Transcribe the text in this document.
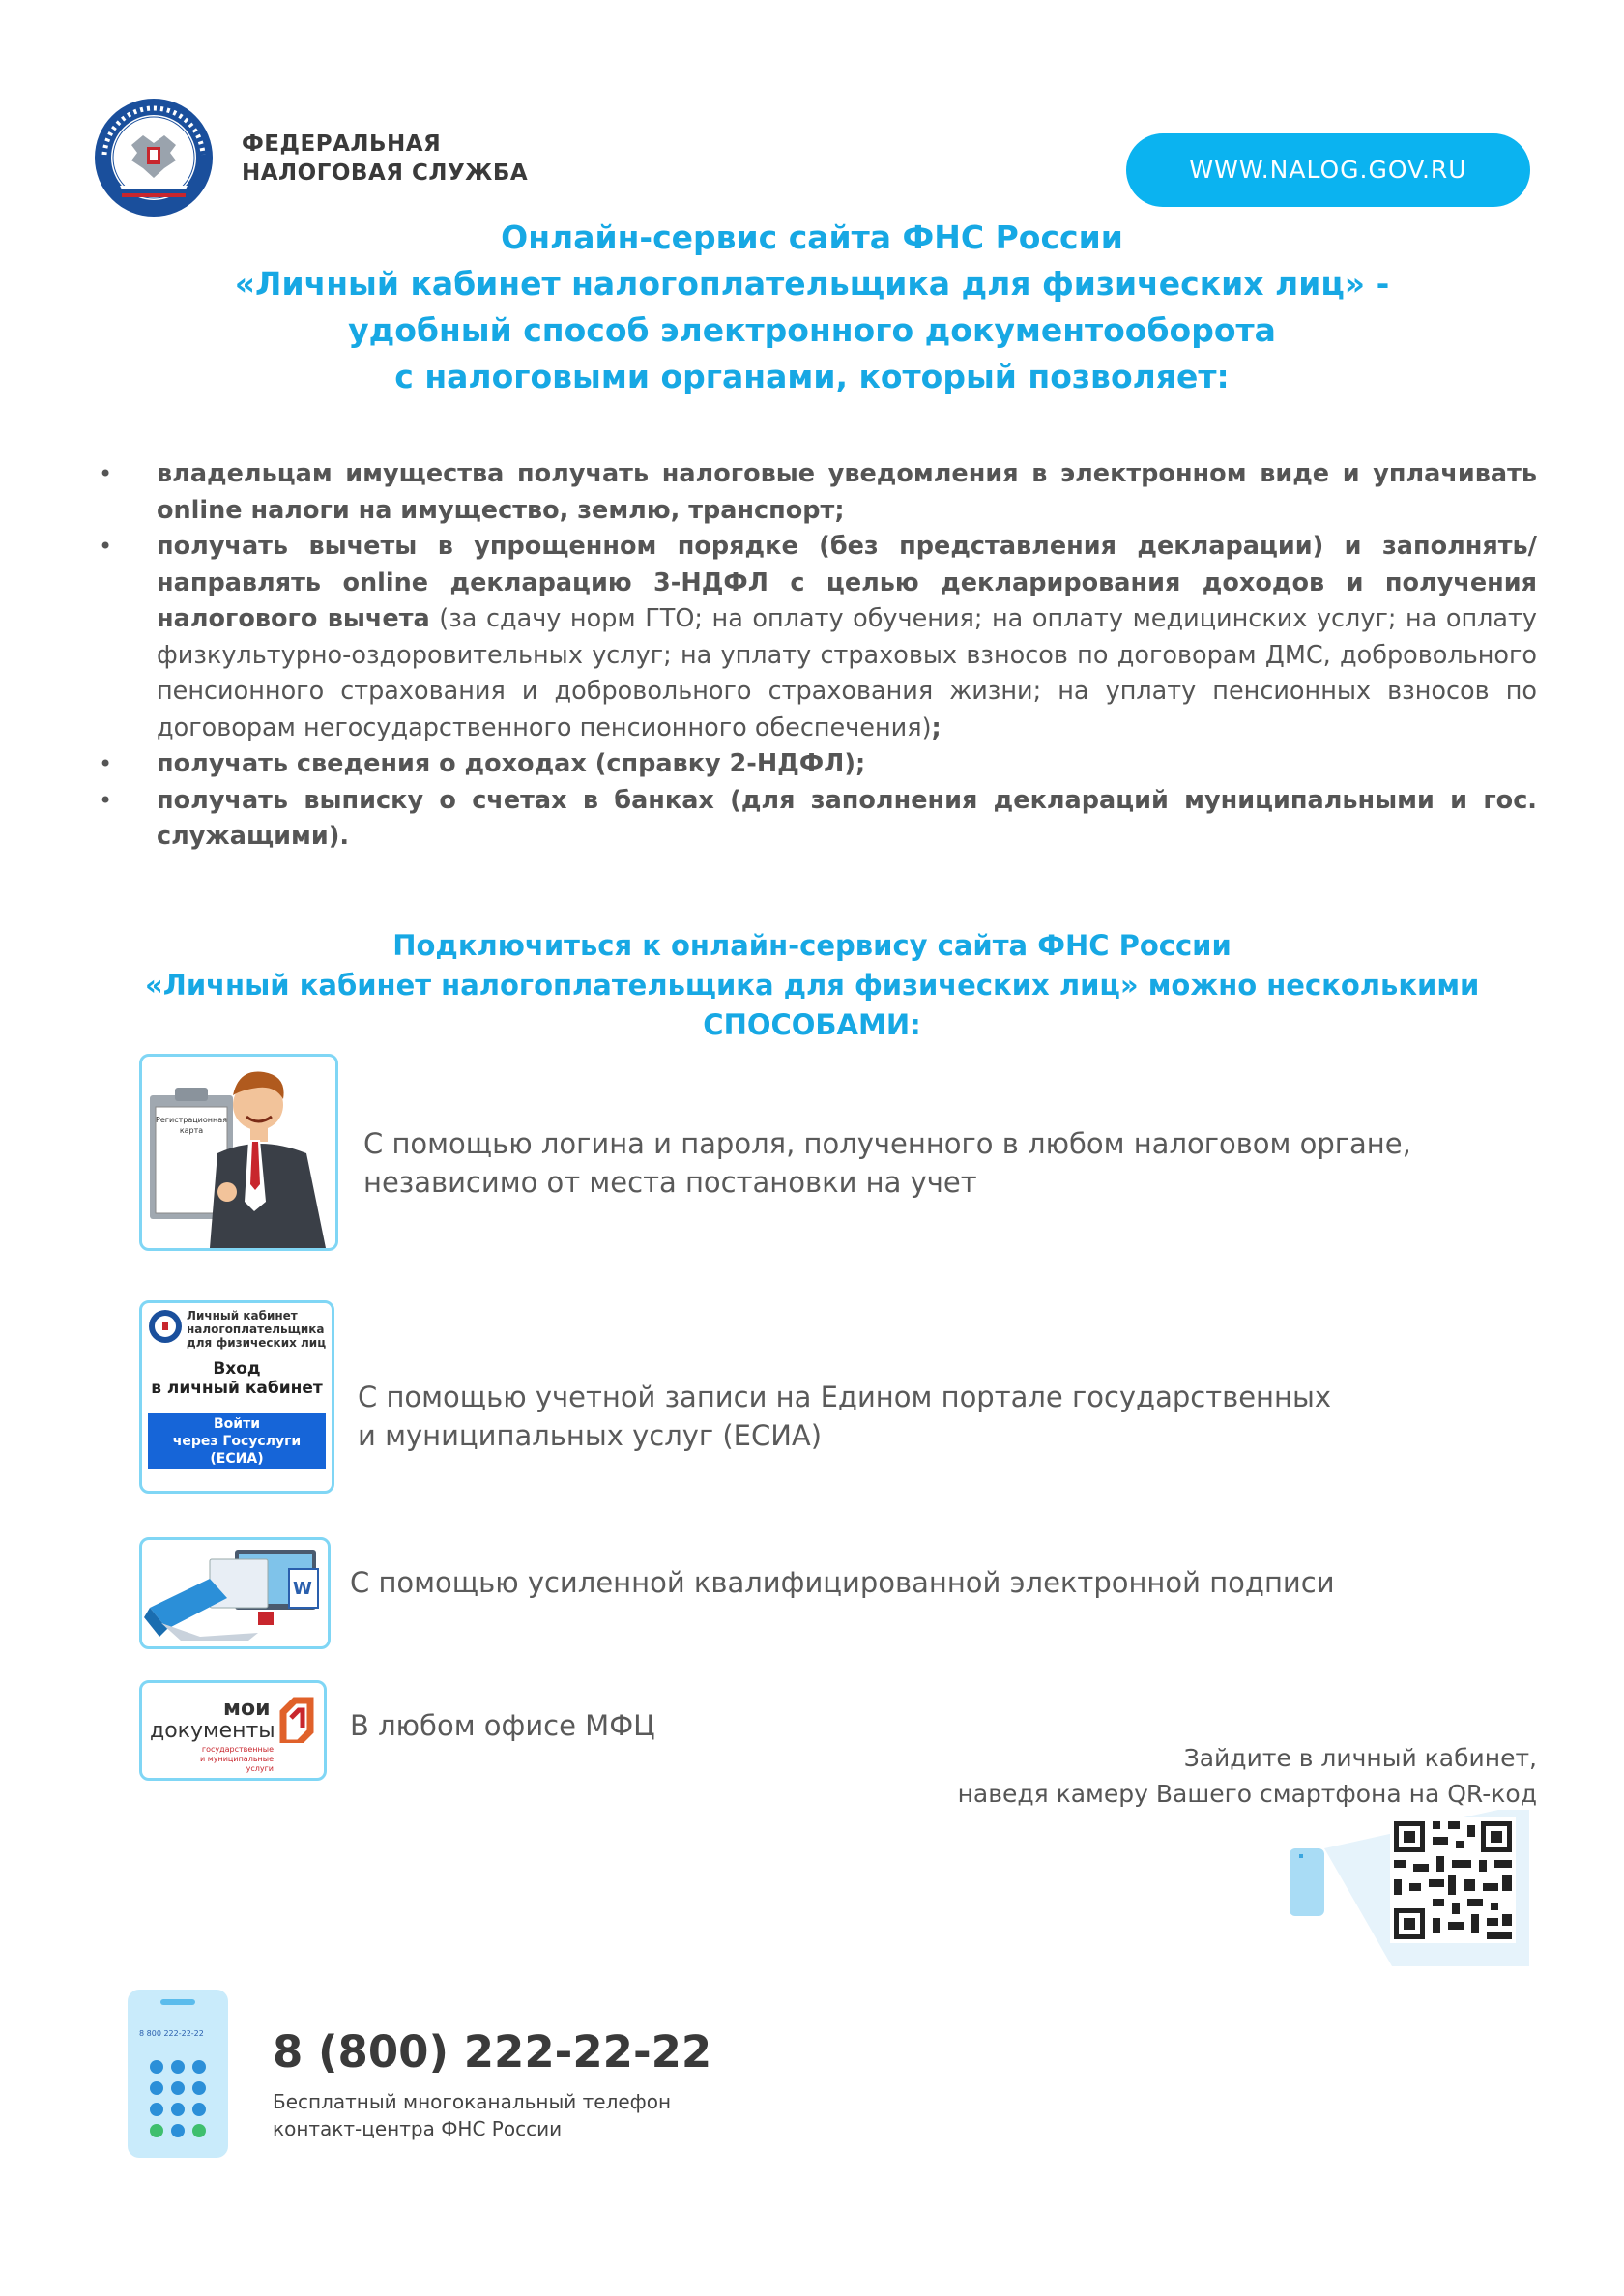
ФЕДЕРАЛЬНАЯ
НАЛОГОВАЯ СЛУЖБА	WWW.NALOG.GOV.RU
Онлайн-сервис сайта ФНС России
«Личный кабинет налогоплательщика для физических лиц» -
удобный способ электронного документооборота
с налоговыми органами, который позволяет:
• владельцам имущества получать налоговые уведомления в электронном виде и уплачивать online налоги на имущество, землю, транспорт;
• получать вычеты в упрощенном порядке (без представления декларации) и заполнять/направлять online декларацию 3-НДФЛ с целью декларирования доходов и получения налогового вычета (за сдачу норм ГТО; на оплату обучения; на оплату медицинских услуг; на оплату физкультурно-оздоровительных услуг; на уплату страховых взносов по договорам ДМС, добровольного пенсионного страхования и добровольного страхования жизни; на уплату пенсионных взносов по договорам негосударственного пенсионного обеспечения);
• получать сведения о доходах (справку 2-НДФЛ);
• получать выписку о счетах в банках (для заполнения деклараций муниципальными и гос. служащими).
Подключиться к онлайн-сервису сайта ФНС России
«Личный кабинет налогоплательщика для физических лиц» можно несколькими
СПОСОБАМИ:
Регистрационная карта	С помощью логина и пароля, полученного в любом налоговом органе,
независимо от места постановки на учет
Личный кабинет
налогоплательщика
для физических лиц
Вход
в личный кабинет
Войти
через Госуслуги
(ЕСИА)
С помощью учетной записи на Едином портале государственных
и муниципальных услуг (ЕСИА)
W С помощью усиленной квалифицированной электронной подписи
мои
документы
государственные
и муниципальные услуги
В любом офисе МФЦ
Зайдите в личный кабинет,
наведя камеру Вашего смартфона на QR-код
8 800 222-22-22 8 (800) 222-22-22
Бесплатный многоканальный телефон
контакт-центра ФНС России
